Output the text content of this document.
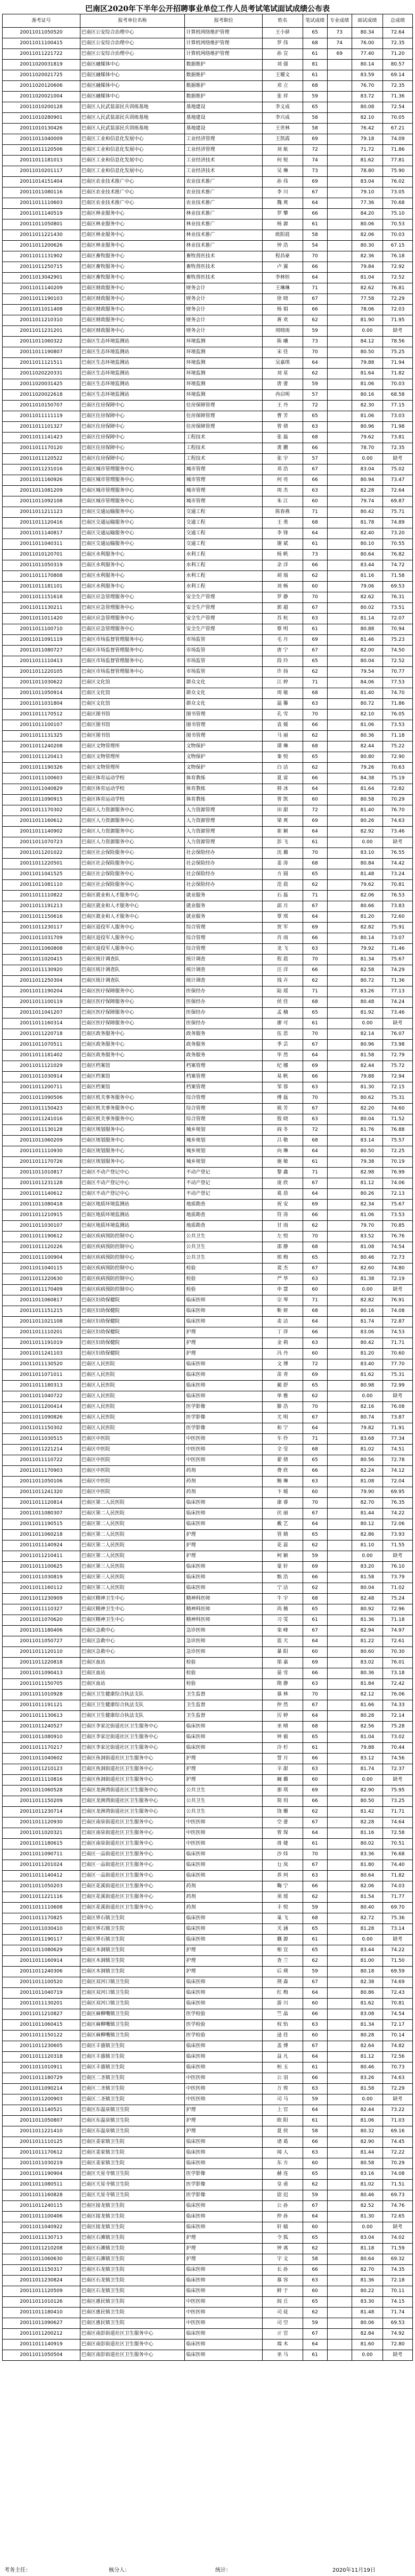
巴南区2020年下半年公开招聘事业单位工作人员考试笔试面试成绩公布表
准考证号	报考单位名称	报考职位	姓名	笔试成绩	专业成绩	面试成绩	总成绩
20011011050520	巴南区公安综合治理中心	计算机网络维护管理	王小驿	65	73	80.34	72.64
20011011100415	巴南区公安综合治理中心	计算机网络维护管理	罗 伟	68	74	76.00	72.35
20011011221722	巴南区公安综合治理中心	计算机网络维护管理	孙 宣	61	69	77.40	71.20
20011020031819	巴南区融媒体中心	数据维护	刘 强	81		80.14	80.57
20011020021725	巴南区融媒体中心	数据维护	王耀文	61		83.59	69.14
20011020120606	巴南区融媒体中心	数据维护	邓 立	68		76.70	72.35
20011020021004	巴南区融媒体中心	数据维护	张 祥	59		83.72	71.36
20011010200128	巴南区人民武装部民兵训练基地	基地建设	李义成	65		80.08	72.54
20011010280901	巴南区人民武装部民兵训练基地	基地建设	李兴成	58		82.10	70.05
20011010130426	巴南区人民武装部民兵训练基地	基地建设	王世林	58		76.42	67.21
20011011040009	巴南区工业和信息化发展中心	工业经济管理	王凯霞	69		79.18	74.09
20011011120506	巴南区工业和信息化发展中心	工业经济管理	刘 航	72		71.72	71.86
20011011181013	巴南区工业和信息化发展中心	工业经济技术	何 锐	74		81.62	77.81
20011010201117	巴南区工业和信息化发展中心	工业经济技术	吴 琳	73		78.80	75.90
20011014151404	巴南区农业技术推广中心	农业技术推广	孙 伟	69		83.04	76.02
20011011080116	巴南区农业技术推广中心	农业技术推广	李 川	67		79.10	73.05
20011011110603	巴南区农业技术推广中心	农业技术推广	魏 爽	64		77.36	70.68
20011011140519	巴南区林业服务中心	林业技术推广	罗 攀	66		84.20	75.10
20011011050801	巴南区林业服务中心	林业技术推广	杨 源	61		80.06	70.53
20011011221430	巴南区林业服务中心	林业技术推广	欧阳晨	58		82.06	70.03
20011011200626	巴南区林业服务中心	林业技术推广	钟 浩	54		80.30	67.15
20011011131902	巴南区畜牧服务中心	畜牧兽医技术	程昌豪	70		82.36	76.18
20011011250715	巴南区畜牧服务中心	畜牧兽医技术	卢 翼	66		79.84	72.92
20011013042901	巴南区畜牧服务中心	畜牧兽医技术	李林恒	64		81.04	72.52
20011011140209	巴南区财政服务中心	财务会计	王琳琳	71		82.62	76.81
20011011190103	巴南区财政服务中心	财务会计	徐 晓	67		77.58	72.29
20011011011408	巴南区财政服务中心	财务会计	杨 娟	66		78.06	72.03
20011011210310	巴南区财政服务中心	财务会计	蒋 欢	62		81.90	71.95
20011011231201	巴南区财政服务中心	财务会计	周晓雨	59		0.00	缺考
20011011060322	巴南区生态环境监测站	环境监测	陈 曦	73		84.12	78.56
20011011190807	巴南区生态环境监测站	环境监测	宋 佳	70		80.50	75.25
20011011121511	巴南区生态环境监测站	环境监测	吴嘉琪	64		79.88	71.94
20011020220331	巴南区生态环境监测站	环境监测	刘 星	62		81.64	71.82
20011020031425	巴南区生态环境监测站	环境监测	唐 蕾	59		81.06	70.03
20011020022618	巴南区生态环境监测站	环境监测	冉启明	57		80.16	68.58
20011010150707	巴南区住房保障中心	住房保障管理	王 丹	72		82.30	77.15
20011011111119	巴南区住房保障中心	住房保障管理	曹 芳	65		81.06	73.03
20011011101327	巴南区住房保障中心	住房保障管理	曾 倩	63		80.96	71.98
20011011141423	巴南区住房保障中心	工程技术	张 磊	68		79.62	73.81
20011011170120	巴南区住房保障中心	工程技术	黄 鹏	66		78.70	72.35
20011011120522	巴南区住房保障中心	工程技术	张 宇	57		0.00	缺考
20011011231016	巴南区城市管理服务中心	城市管理	邓 浩	67		83.04	75.02
20011011160926	巴南区城市管理服务中心	城市管理	何 亮	66		80.94	73.47
20011011081209	巴南区城市管理服务中心	城市管理	周 杰	63		82.28	72.64
20011011092108	巴南区城市管理服务中心	城市管理	朱 江	60		79.74	69.87
20011011211123	巴南区交通运输服务中心	交通工程	陈春燕	71		80.42	75.71
20011011120416	巴南区交通运输服务中心	交通工程	王 勇	68		81.78	74.89
20011011140817	巴南区交通运输服务中心	交通工程	李 锋	64		82.40	73.20
20011011040311	巴南区交通运输服务中心	交通工程	谢 斌	61		80.10	70.55
20011010120701	巴南区水利服务中心	水利工程	杨 帆	73		80.64	76.82
20011011050319	巴南区水利服务中心	水利工程	余 洋	66		83.44	74.72
20011011170808	巴南区水利服务中心	水利工程	胡 瑞	62		81.16	71.58
20011011181101	巴南区水利服务中心	水利工程	刘 畅	60		79.06	69.53
20011011151618	巴南区应急管理服务中心	安全生产管理	罗 静	70		82.62	76.31
20011011130211	巴南区应急管理服务中心	安全生产管理	郭 超	67		80.02	73.51
20011011011420	巴南区应急管理服务中心	安全生产管理	苏 杭	63		81.14	72.07
20011011100710	巴南区应急管理服务中心	安全生产管理	蔡 明	61		80.88	70.94
20011011091119	巴南区市场监督管理服务中心	市场监管	毛 月	69		81.46	75.23
20011011080727	巴南区市场监督管理服务中心	市场监管	唐 宁	67		82.00	74.50
20011011110413	巴南区市场监督管理服务中心	市场监管	段 玲	65		80.04	72.52
20011011220105	巴南区市场监督管理服务中心	市场监管	许 扬	62		79.54	70.77
20011011030622	巴南区文化馆	群众文化	江 婷	71		84.06	77.53
20011011050914	巴南区文化馆	群众文化	周 敏	68		81.40	74.70
20011011031804	巴南区文化馆	群众文化	温 馨	63		80.72	71.86
20011011170512	巴南区图书馆	图书管理	孔 雪	70		82.10	76.05
20011011100107	巴南区图书馆	图书管理	袁 媛	66		81.06	73.53
20011011131325	巴南区图书馆	图书管理	马 丽	62		80.36	71.18
20011011240208	巴南区文物管理所	文物保护	谭 琳	68		82.44	75.22
20011011120413	巴南区文物管理所	文物保护	秦 悦	65		80.80	72.90
20011011190326	巴南区文物管理所	文物保护	白 洁	62		79.26	70.63
20011011100603	巴南区体育运动学校	体育教练	夏 雷	66		84.38	75.19
20011011040829	巴南区体育运动学校	体育教练	韩 冰	64		81.64	72.82
20011011090915	巴南区体育运动学校	体育教练	曾 凯	60		80.58	70.29
20011011170302	巴南区人力资源服务中心	人力资源管理	田 甜	72		81.40	76.70
20011011160612	巴南区人力资源服务中心	人力资源管理	梁 爽	69		80.26	74.63
20011011140902	巴南区人力资源服务中心	人力资源管理	崔 颖	64		82.92	73.46
20011011070723	巴南区人力资源服务中心	人力资源管理	彭 飞	61		0.00	缺考
20011011201022	巴南区社会保险服务中心	社会保险经办	沈 璐	70		83.10	76.55
20011011220501	巴南区社会保险服务中心	社会保险经办	姜 涛	68		80.84	74.42
20011011041525	巴南区社会保险服务中心	社会保险经办	方 圆	65		81.48	73.24
20011011081110	巴南区社会保险服务中心	社会保险经办	范 晨	62		79.62	70.81
20011011110822	巴南区就业和人才服务中心	就业服务	石 磊	71		82.06	76.53
20011011191213	巴南区就业和人才服务中心	就业服务	邱 月	67		80.66	73.83
20011011150616	巴南区就业和人才服务中心	就业服务	覃 琪	64		81.20	72.60
20011011230117	巴南区退役军人服务中心	综合管理	贺 军	69		82.82	75.91
20011011031709	巴南区退役军人服务中心	综合管理	肖 雨	66		80.14	73.07
20011011060808	巴南区退役军人服务中心	综合管理	龙 飞	63		79.92	71.46
20011011020415	巴南区统计调查队	统计调查	程 晨	70		81.34	75.67
20011011130920	巴南区统计调查队	统计调查	汪 洋	66		82.58	74.29
20011011250304	巴南区统计调查队	统计调查	钱 卉	62		80.72	71.36
20011011190204	巴南区医疗保障服务中心	医保经办	陆 瑶	71		83.26	77.13
20011011100119	巴南区医疗保障服务中心	医保经办	侯 佳	68		80.48	74.24
20011011041207	巴南区医疗保障服务中心	医保经办	孟 楠	65		81.92	73.46
20011011160314	巴南区医疗保障服务中心	医保经办	廖 可	61		0.00	缺考
20011011220718	巴南区政务服务中心	政务服务	伍 思	70		82.14	76.07
20011011070511	巴南区政务服务中心	政务服务	季 芸	67		80.96	73.98
20011011181402	巴南区政务服务中心	政务服务	毕 然	64		81.58	72.79
20011011121029	巴南区档案馆	档案管理	纪 娜	69		82.44	75.72
20011011030914	巴南区档案馆	档案管理	易 帆	66		79.88	72.94
20011011200711	巴南区档案馆	档案管理	邹 蓉	63		81.30	72.15
20011011090506	巴南区机关事务服务中心	综合管理	傅 磊	70		80.62	75.31
20011011150423	巴南区机关事务服务中心	综合管理	熊 芳	67		82.20	74.60
20011011241016	巴南区机关事务服务中心	综合管理	殷 晓	63		80.04	71.52
20011011130128	巴南区规划服务中心	城乡规划	阎 冬	72		81.76	76.88
20011011060209	巴南区规划服务中心	城乡规划	吕 敬	68		83.14	75.57
20011011110930	巴南区规划服务中心	城乡规划	向 琳	64		80.50	72.25
20011011170726	巴南区规划服务中心	城乡规划	施 敏	61		79.38	70.19
20011011010817	巴南区不动产登记中心	不动产登记	黎 鑫	71		82.98	76.99
20011011231128	巴南区不动产登记中心	不动产登记	庞 欣	67		81.12	74.06
20011011140612	巴南区不动产登记中心	不动产登记	葛 蓓	64		80.26	72.13
20011011080418	巴南区地质环境监测站	地质勘查	祝 安	69		82.34	75.67
20011011210915	巴南区地质环境监测站	地质勘查	符 涛	66		81.06	73.53
20011011030107	巴南区地质环境监测站	地质勘查	甘 雨	62		79.70	70.85
20011011190612	巴南区疾病预防控制中心	公共卫生	左 悦	70		83.52	76.76
20011011120226	巴南区疾病预防控制中心	公共卫生	邵 静	68		81.08	74.54
20011011100904	巴南区疾病预防控制中心	公共卫生	邢 梅	65		80.46	72.73
20011011040115	巴南区疾病预防控制中心	检验	裴 杰	67		82.60	74.80
20011011220630	巴南区疾病预防控制中心	检验	严 华	63		81.38	72.19
20011011170409	巴南区疾病预防控制中心	检验	申 慧	60		0.00	缺考
20011011060817	巴南区妇幼保健院	临床医师	宗 琴	71		82.82	76.91
20011011151215	巴南区妇幼保健院	临床医师	靳 妍	68		80.16	74.08
20011011021108	巴南区妇幼保健院	临床医师	麦 洁	64		81.74	72.87
20011011110201	巴南区妇幼保健院	护理	丁 萍	66		83.06	74.53
20011011191019	巴南区妇幼保健院	护理	金 莉	63		80.42	71.71
20011011241103	巴南区妇幼保健院	护理	冯 丹	60		81.20	70.60
20011011130520	巴南区人民医院	临床医师	文 博	72		83.40	77.70
20011011071011	巴南区人民医院	临床医师	苗 青	69		81.62	75.31
20011011180313	巴南区人民医院	临床医师	蔺 舒	65		80.98	72.99
20011011040722	巴南区人民医院	临床医师	单 雅	62		0.00	缺考
20011011200414	巴南区人民医院	医学影像	滕 浩	70		82.16	76.08
20011011090826	巴南区人民医院	医学影像	尤 明	67		80.74	73.87
20011011150302	巴南区人民医院	医学影像	和 宁	64		79.82	71.91
20011011030515	巴南区中医院	中医医师	车 伶	71		83.68	77.34
20011011221214	巴南区中医院	中医医师	全 莹	68		81.02	74.51
20011011110722	巴南区中医院	中医医师	翟 倩	65		80.56	72.78
20011011170903	巴南区中医院	药剂	费 欣	66		82.24	74.12
20011011050106	巴南区中医院	药剂	鲍 琳	63		81.08	72.04
20011011241320	巴南区中医院	药剂	卞 媛	60		79.90	69.95
20011011120814	巴南区第二人民医院	临床医师	康 睿	70		82.70	76.35
20011011080307	巴南区第二人民医院	临床医师	伏 丽	67		81.44	74.22
20011011190515	巴南区第二人民医院	临床医师	戴 艺	64		80.12	72.06
20011011060218	巴南区第二人民医院	护理	管 婧	65		82.86	73.93
20011011140924	巴南区第二人民医院	护理	花 蕊	62		81.10	71.55
20011011210411	巴南区第二人民医院	护理	柯 颖	59		0.00	缺考
20011011100625	巴南区第三人民医院	临床医师	蒙 轩	69		83.20	76.10
20011011030819	巴南区第三人民医院	临床医师	甄 浩	66		81.58	73.79
20011011160112	巴南区第三人民医院	临床医师	宁 洁	62		80.04	71.02
20011011230909	巴南区精神卫生中心	精神科医师	牛 宇	68		82.48	75.24
20011011110327	巴南区精神卫生中心	精神科医师	尚 薇	65		80.92	72.96
20011011070620	巴南区精神卫生中心	精神科医师	习 雯	61		81.36	71.18
20011011180406	巴南区急救中心	急诊医师	栾 峰	67		82.94	74.97
20011011050727	巴南区急救中心	急诊医师	蓝 天	64		81.22	72.61
20011011120110	巴南区急救中心	急诊医师	暴 阳	60		80.60	70.30
20011011220818	巴南区血站	检验	邬 嘉	69		83.02	76.01
20011011090413	巴南区血站	检验	晏 雪	66		80.36	73.18
20011011150705	巴南区血站	检验	隋 静	63		81.84	72.42
20011011010928	巴南区卫生健康综合执法支队	卫生监督	慕 林	70		82.12	76.06
20011011191121	巴南区卫生健康综合执法支队	卫生监督	仲 然	67		81.66	74.33
20011011130613	巴南区卫生健康综合执法支队	卫生监督	厉 婷	64		80.28	72.14
20011011240527	巴南区李家沱街道社区卫生服务中心	临床医师	巫 晴	68		82.56	75.28
20011011080910	巴南区李家沱街道社区卫生服务中心	临床医师	钟 毅	65		81.04	73.02
20011011170217	巴南区李家沱街道社区卫生服务中心	临床医师	冷 杉	61		79.88	70.44
20011011040602	巴南区鱼洞街道社区卫生服务中心	护理	訾 月	66		83.12	74.56
20011011210123	巴南区鱼洞街道社区卫生服务中心	护理	辛 甜	63		81.74	72.37
20011011110816	巴南区鱼洞街道社区卫生服务中心	护理	阚 璐	60		0.00	缺考
20011011060528	巴南区龙洲湾街道社区卫生服务中心	公共卫生	那 琪	69		82.90	75.95
20011011150209	巴南区龙洲湾街道社区卫生服务中心	公共卫生	简 玥	66		80.50	73.25
20011011230714	巴南区龙洲湾街道社区卫生服务中心	公共卫生	饶 姗	62		81.42	71.71
20011011120930	巴南区南泉街道社区卫生服务中心	中医医师	空 蕾	67		82.28	74.64
20011011020321	巴南区南泉街道社区卫生服务中心	中医医师	曾 琛	64		81.16	72.58
20011011180615	巴南区南泉街道社区卫生服务中心	中医医师	毋 婕	61		80.02	70.51
20011011090711	巴南区一品街道社区卫生服务中心	临床医师	沙 炜	70		83.36	76.68
20011011201024	巴南区一品街道社区卫生服务中心	临床医师	乜 岚	67		81.80	74.40
20011011140412	巴南区一品街道社区卫生服务中心	临床医师	养 珂	63		80.64	71.82
20011011050203	巴南区花溪街道社区卫生服务中心	药剂	鞠 宁	66		82.06	74.03
20011011221116	巴南区花溪街道社区卫生服务中心	药剂	须 瑶	62		81.54	71.77
20011011110608	巴南区花溪街道社区卫生服务中心	药剂	丰 悦	59		80.40	69.70
20011011170825	巴南区界石镇卫生院	临床医师	巢 飞	68		82.72	75.36
20011011030410	巴南区界石镇卫生院	临床医师	关 涵	65		81.28	73.14
20011011190117	巴南区界石镇卫生院	临床医师	蒯 源	61		0.00	缺考
20011011080629	巴南区木洞镇卫生院	护理	相 宜	65		83.44	74.22
20011011160914	巴南区木洞镇卫生院	护理	查 兰	62		81.00	71.50
20011011240306	巴南区木洞镇卫生院	护理	后 瑛	59		80.18	69.59
20011011100520	巴南区双河口镇卫生院	临床医师	荆 森	67		82.38	74.69
20011011040719	巴南区双河口镇卫生院	临床医师	红 梅	64		80.86	72.43
20011011130201	巴南区双河口镇卫生院	临床医师	游 川	60		81.62	70.81
20011011210827	巴南区麻柳嘴镇卫生院	医学检验	竺 晶	66		83.08	74.54
20011011060415	巴南区麻柳嘴镇卫生院	医学检验	权 怡	63		81.34	72.17
20011011150122	巴南区麻柳嘴镇卫生院	医学检验	逯 佳	60		80.28	70.14
20011011230605	巴南区丰盛镇卫生院	临床医师	盖 博	67		82.64	74.82
20011011120318	巴南区丰盛镇卫生院	临床医师	益 凡	64		81.12	72.56
20011011010911	巴南区丰盛镇卫生院	临床医师	桓 玉	61		80.46	70.73
20011011180729	巴南区二圣镇卫生院	中医医师	公 羽	66		83.26	74.63
20011011090214	巴南区二圣镇卫生院	中医医师	万 俟	63		81.58	72.29
20011011200903	巴南区二圣镇卫生院	中医医师	司 马	59		0.00	缺考
20011011140521	巴南区东温泉镇卫生院	护理	上 官	64		82.44	73.22
20011011050807	巴南区东温泉镇卫生院	护理	欧 阳	61		81.06	71.03
20011011221410	巴南区东温泉镇卫生院	护理	夏 侯	58		80.32	69.16
20011011110125	巴南区姜家镇卫生院	临床医师	诸 葛	66		82.90	74.45
20011011170612	巴南区姜家镇卫生院	临床医师	闻 人	63		81.44	72.22
20011011030219	巴南区姜家镇卫生院	临床医师	东 方	60		80.58	70.29
20011011190904	巴南区天星寺镇卫生院	医学影像	赫 连	65		83.16	74.08
20011011080511	巴南区天星寺镇卫生院	医学影像	皇 甫	62		81.02	71.51
20011011160828	巴南区天星寺镇卫生院	医学影像	尉 迟	59		80.46	69.73
20011011240115	巴南区接龙镇卫生院	临床医师	公 孙	67		82.52	74.76
20011011100406	巴南区接龙镇卫生院	临床医师	仲 孙	64		81.30	72.65
20011011040922	巴南区接龙镇卫生院	临床医师	轩 辕	60		0.00	缺考
20011011130713	巴南区石滩镇卫生院	护理	令 狐	65		83.04	74.02
20011011210208	巴南区石滩镇卫生院	护理	钟 离	62		81.18	71.59
20011011060630	巴南区石滩镇卫生院	护理	宇 文	58		80.64	69.32
20011011150317	巴南区石龙镇卫生院	临床医师	长 孙	66		82.70	74.35
20011011230824	巴南区石龙镇卫生院	临床医师	慕 容	63		81.36	72.18
20011011120509	巴南区石龙镇卫生院	临床医师	鲜 于	60		80.22	70.11
20011011010126	巴南区惠民镇卫生院	中医医师	闾 丘	65		83.30	74.15
20011011180410	巴南区惠民镇卫生院	中医医师	司 徒	62		81.48	71.74
20011011090627	巴南区惠民镇卫生院	中医医师	司 空	59		80.06	69.53
20011011200212	巴南区南彭街道社区卫生服务中心	临床医师	亓 官	67		82.84	74.92
20011011140919	巴南区南彭街道社区卫生服务中心	临床医师	端 木	64		81.60	72.80
20011011050504	巴南区南彭街道社区卫生服务中心	临床医师	巫 马	61		0.00	缺考
考务主任：	核分人：	统计：	2020年11月19日
